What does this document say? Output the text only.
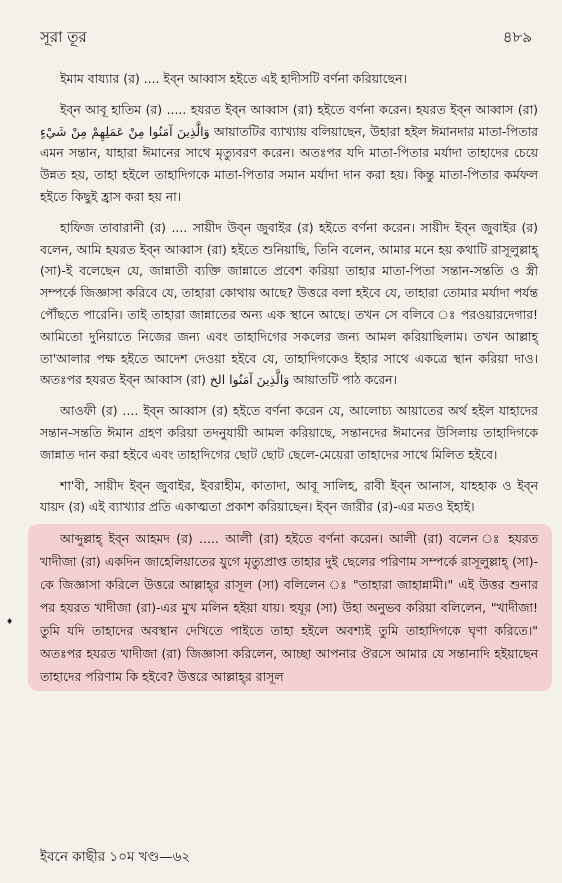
সূরা তূর	৪৮৯
♦

ইমাম বায্যার (র) .... ইব্ন আব্বাস হইতে এই হাদীসটি বর্ণনা করিয়াছেন।

ইব্ন আবূ হাতিম (র) ..... হযরত ইব্ন আব্বাস (রা) হইতে বর্ণনা করেন। হযরত ইব্ন আব্বাস (রা) وَالَّذِينَ آمَنُوا مِنْ عَمَلِهِمْ مِنْ شَيْءٍ আয়াতটির ব্যাখ্যায় বলিয়াছেন, উহারা হইল ঈমানদার মাতা-পিতার এমন সন্তান, যাহারা ঈমানের সাথে মৃত্যুবরণ করেন। অতঃপর যদি মাতা-পিতার মর্যাদা তাহাদের চেয়ে উন্নত হয়, তাহা হইলে তাহাদিগকে মাতা-পিতার সমান মর্যাদা দান করা হয়। কিন্তু মাতা-পিতার কর্মফল হইতে কিছুই হ্রাস করা হয় না।

হাফিজ তাবারানী (র) .... সায়ীদ উব্‌ন জুবাইর (র) হইতে বর্ণনা করেন। সায়ীদ ইব্‌ন জুবাইর (র) বলেন, আমি হযরত ইব্‌ন আব্বাস (রা) হইতে শুনিয়াছি, তিনি বলেন, আমার মনে হয় কথাটি রাসূলুল্লাহ্ (সা)-ই বলেছেন যে, জান্নাতী ব্যক্তি জান্নাতে প্রবেশ করিয়া তাহার মাতা-পিতা সন্তান-সন্ততি ও স্ত্রী সম্পর্কে জিজ্ঞাসা করিবে যে, তাহারা কোথায় আছে? উত্তরে বলা হইবে যে, তাহারা তোমার মর্যাদা পর্যন্ত পৌঁছতে পারেনি। তাই তাহারা জান্নাতের অন্য এক স্থানে আছে। তখন সে বলিবে ঃ পরওয়ারদেগার! আমিতো দুনিয়াতে নিজের জন্য এবং তাহাদিগের সকলের জন্য আমল করিয়াছিলাম। তখন আল্লাহ্ তা'আলার পক্ষ হইতে আদেশ দেওয়া হইবে যে, তাহাদিগকেও ইহার সাথে একত্রে স্থান করিয়া দাও। অতঃপর হযরত ইব্‌ন আব্বাস (রা) وَالَّذِينَ آمَنُوا الخ আয়াতটি পাঠ করেন।

আওফী (র) .... ইব্‌ন আব্বাস (র) হইতে বর্ণনা করেন যে, আলোচ্য আয়াতের অর্থ হইল যাহাদের সন্তান-সন্ততি ঈমান গ্রহণ করিয়া তদনুযায়ী আমল করিয়াছে, সন্তানদের ঈমানের উসিলায় তাহাদিগকে জান্নাত দান করা হইবে এবং তাহাদিগের ছোট ছোট ছেলে-মেয়েরা তাহাদের সাথে মিলিত হইবে।

শা'বী, সায়ীদ ইব্‌ন জুবাইর, ইবরাহীম, কাতাদা, আবূ সালিহ, রাবী ইব্‌ন আনাস, যাহহাক ও ইব্‌ন যায়দ (র) এই ব্যাখ্যার প্রতি একাত্মতা প্রকাশ করিয়াছেন। ইব্‌ন জারীর (র)-এর মতও ইহাই।

আব্দুল্লাহ্ ইব্‌ন আহমদ (র) ..... আলী (রা) হইতে বর্ণনা করেন। আলী (রা) বলেন ঃ হযরত খাদীজা (রা) একদিন জাহেলিয়াতের যুগে মৃত্যুপ্রাপ্ত তাহার দুই ছেলের পরিণাম সম্পর্কে রাসূলুল্লাহ্ (সা)-কে জিজ্ঞাসা করিলে উত্তরে আল্লাহ্‌র রাসূল (সা) বলিলেন ঃ "তাহারা জাহান্নামী।" এই উত্তর শুনার পর হযরত খাদীজা (রা)-এর মুখ মলিন হইয়া যায়। হুযূর (সা) উহা অনুভব করিয়া বলিলেন, "খাদীজা! তুমি যদি তাহাদের অবস্থান দেখিতে পাইতে তাহা হইলে অবশ্যই তুমি তাহাদিগকে ঘৃণা করিতে।" অতঃপর হযরত খাদীজা (রা) জিজ্ঞাসা করিলেন, আচ্ছা আপনার ঔরসে আমার যে সন্তানাদি হইয়াছেন তাহাদের পরিণাম কি হইবে? উত্তরে আল্লাহ্‌র রাসূল

ইবনে কাছীর ১০ম খণ্ড—৬২
